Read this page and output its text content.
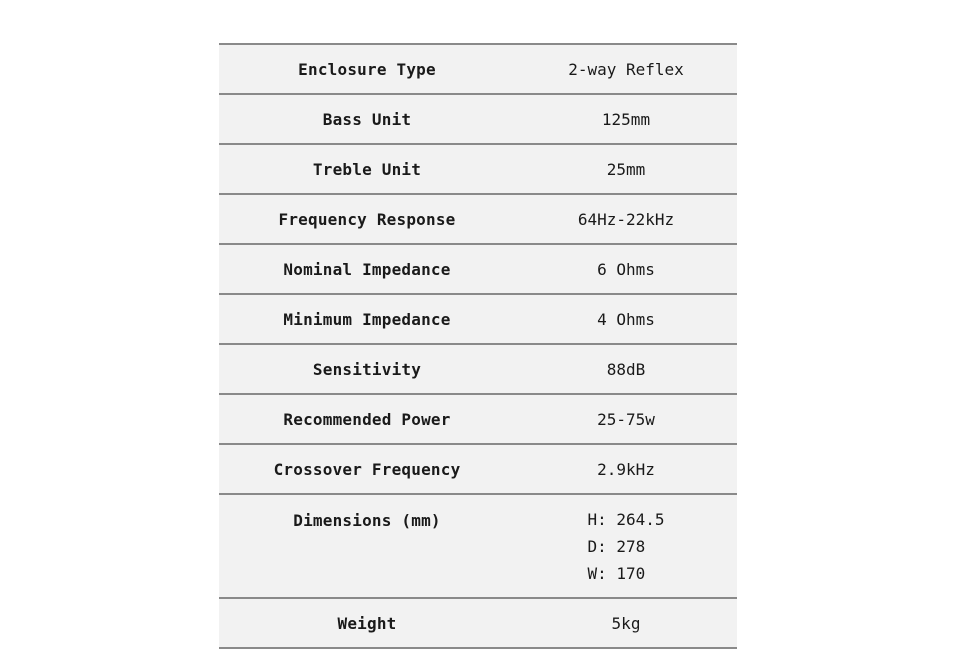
Enclosure Type	2-way Reflex
Bass Unit	125mm
Treble Unit	25mm
Frequency Response	64Hz-22kHz
Nominal Impedance	6 Ohms
Minimum Impedance	4 Ohms
Sensitivity	88dB
Recommended Power	25-75w
Crossover Frequency	2.9kHz
Dimensions (mm)	H: 264.5
D: 278
W: 170
Weight	5kg
